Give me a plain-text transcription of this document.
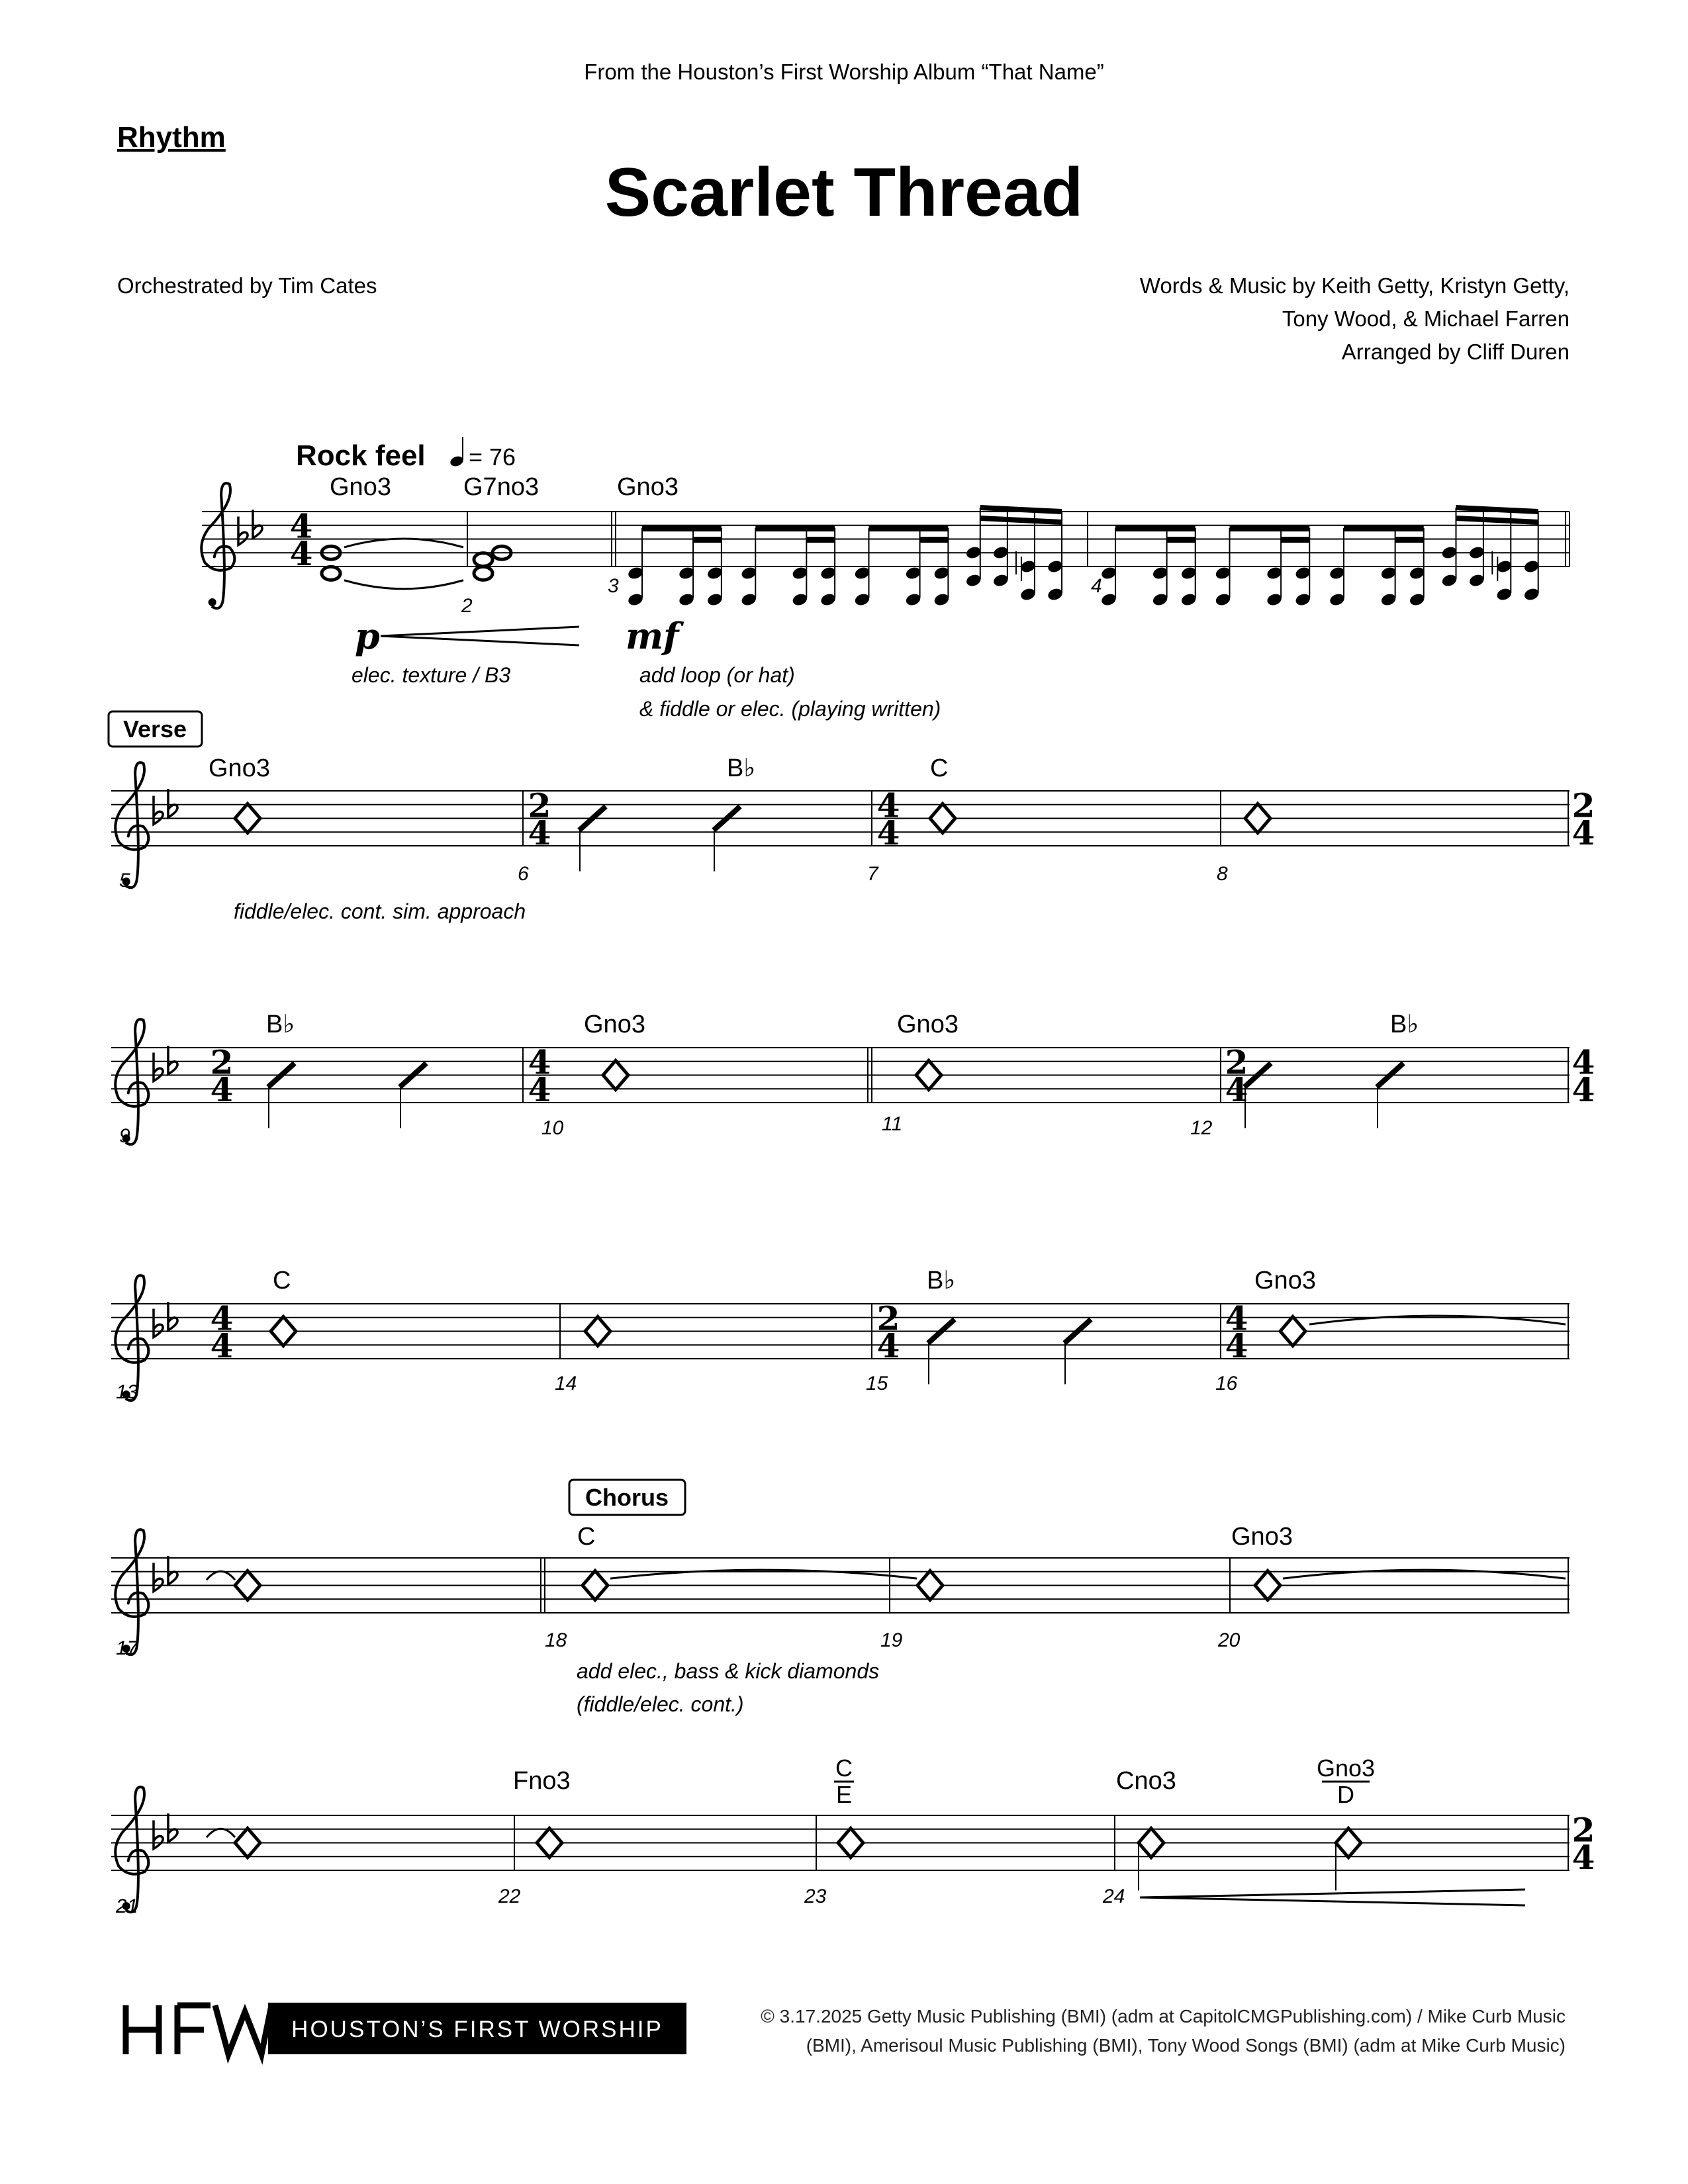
From the Houston’s First Worship Album “That Name”
Rhythm
Scarlet Thread
Orchestrated by Tim Cates	Words & Music by Keith Getty, Kristyn Getty,
Tony Wood, & Michael Farren
Arranged by Cliff Duren
4
4
Rock feel = 76
Gno3	G7no3	Gno3
2
3	4
p	mf
elec. texture / B3	add loop (or hat)
& fiddle or elec. (playing written)
Verse
Gno3	B♭	C
2
4
4
4
2
4
5	6	7	8
fiddle/elec. cont. sim. approach
2
4
B♭	Gno3	Gno3	B♭
4
4
2
4
4
4
9	10	11	12
4
4
C	B♭	Gno3
2
4
4
4
13	14	15	16
Chorus
C	Gno3
17	18	19	20
add elec., bass & kick diamonds
(fiddle/elec. cont.)
Fno3	C
E	Cno3	Gno3
D
2
4
21	22	23	24
HOUSTON’S FIRST WORSHIP
© 3.17.2025 Getty Music Publishing (BMI) (adm at CapitolCMGPublishing.com) / Mike Curb Music
(BMI), Amerisoul Music Publishing (BMI), Tony Wood Songs (BMI) (adm at Mike Curb Music)
